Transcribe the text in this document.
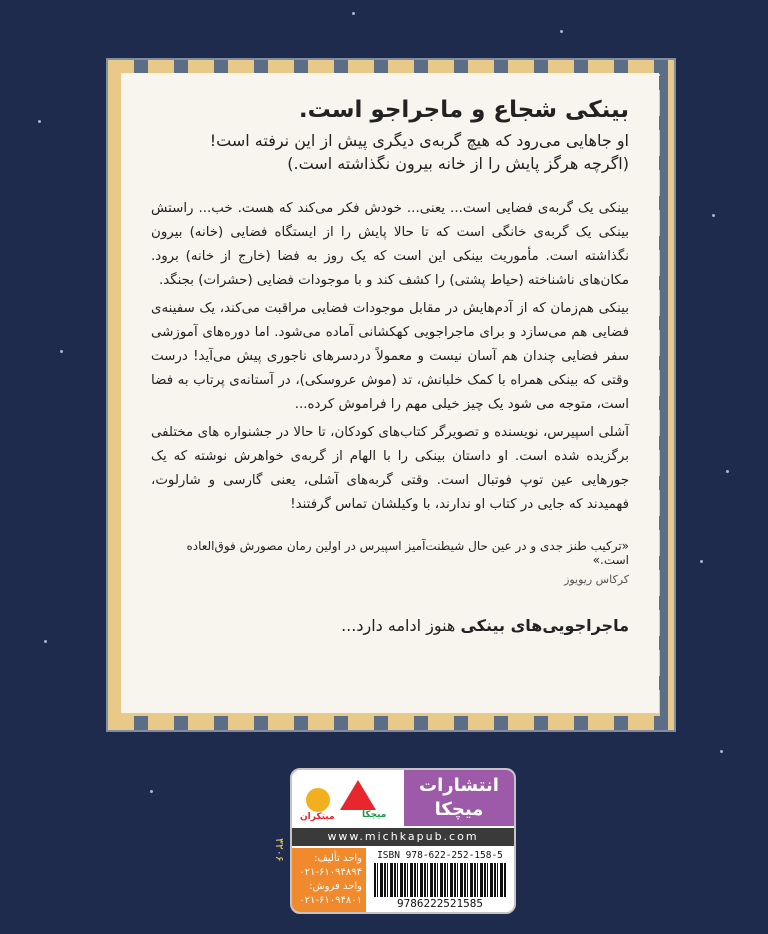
بینکی شجاع و ماجراجو است.
او جاهایی می‌رود که هیچ گربه‌ی دیگری پیش از این نرفته است!
(اگرچه هرگز پایش را از خانه بیرون نگذاشته است.)

بینکی یک گربه‌ی فضایی است... یعنی... خودش فکر می‌کند که هست. خب... راستش بینکی یک گربه‌ی خانگی است که تا حالا پایش را از ایستگاه فضایی (خانه) بیرون نگذاشته است. مأموریت بینکی این است که یک روز به فضا (خارج از خانه) برود. مکان‌های ناشناخته (حیاط پشتی) را کشف کند و با موجودات فضایی (حشرات) بجنگد.

بینکی هم‌زمان که از آدم‌هایش در مقابل موجودات فضایی مراقبت می‌کند، یک سفینه‌ی فضایی هم می‌سازد و برای ماجراجویی کهکشانی آماده می‌شود. اما دوره‌های آموزشی سفر فضایی چندان هم آسان نیست و معمولاً دردسرهای ناجوری پیش می‌آید! درست وقتی که بینکی همراه با کمک خلبانش، تد (موش عروسکی)، در آستانه‌ی پرتاب به فضا است، متوجه می شود یک چیز خیلی مهم را فراموش کرده...

آشلی اسپیرس، نویسنده و تصویرگر کتاب‌های کودکان، تا حالا در جشنواره های مختلفی برگزیده شده است. او داستان بینکی را با الهام از گربه‌ی خواهرش نوشته که یک جورهایی عین توپ فوتبال است. وقتی گربه‌های آشلی، یعنی گارسی و شارلوت، فهمیدند که جایی در کتاب او ندارند، با وکیلشان تماس گرفتند!

«ترکیب طنز جدی و در عین حال شیطنت‌آمیز اسپیرس در اولین رمان مصورش فوق‌العاده است.»
کرکاس ریویوز
ماجراجویی‌های بینکی هنوز ادامه دارد...
۳۲۰۶
میچکا
مبتکران
انتشارات
میچکا
www.michkapub.com
واحد تألیف:
۰۲۱-۶۱۰۹۴۸۹۴
واحد فروش:
۰۲۱-۶۱۰۹۴۸۰۱
ISBN 978-622-252-158-5
9786222521585
